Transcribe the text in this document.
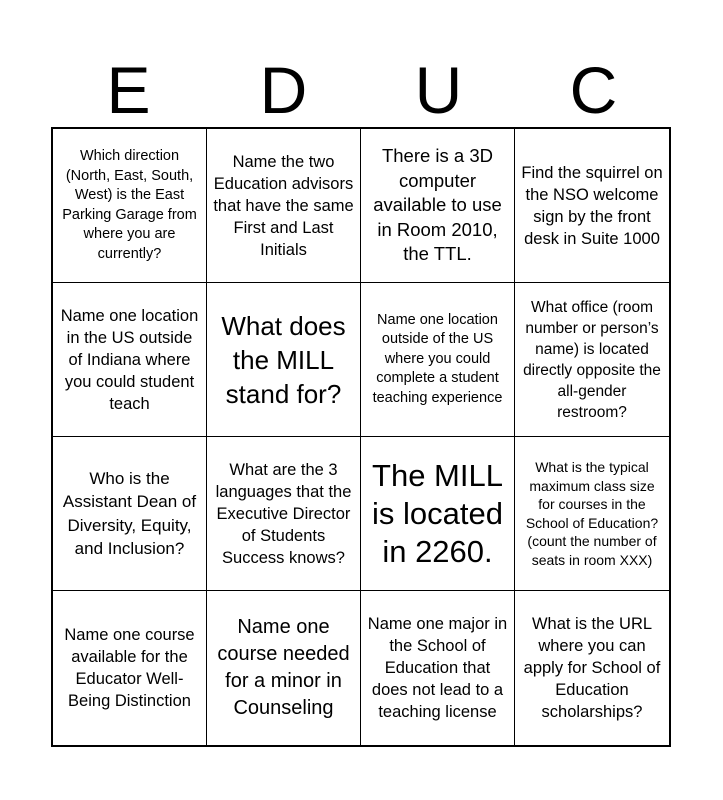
E	D	U	C
Which direction (North, East, South, West) is the East Parking Garage from where you are currently?
Name the two Education advisors that have the same First and Last Initials
There is a 3D computer available to use in Room 2010, the TTL.
Find the squirrel on the NSO welcome sign by the front desk in Suite 1000
Name one location in the US outside of Indiana where you could student teach
What does the MILL stand for?
Name one location outside of the US where you could complete a student teaching experience
What office (room number or person’s name) is located directly opposite the all-gender restroom?
Who is the Assistant Dean of Diversity, Equity, and Inclusion?
What are the 3 languages that the Executive Director of Students Success knows?
The MILL is located in 2260.
What is the typical maximum class size for courses in the School of Education? (count the number of seats in room XXX)
Name one course available for the Educator Well-Being Distinction
Name one course needed for a minor in Counseling
Name one major in the School of Education that does not lead to a teaching license
What is the URL where you can apply for School of Education scholarships?
